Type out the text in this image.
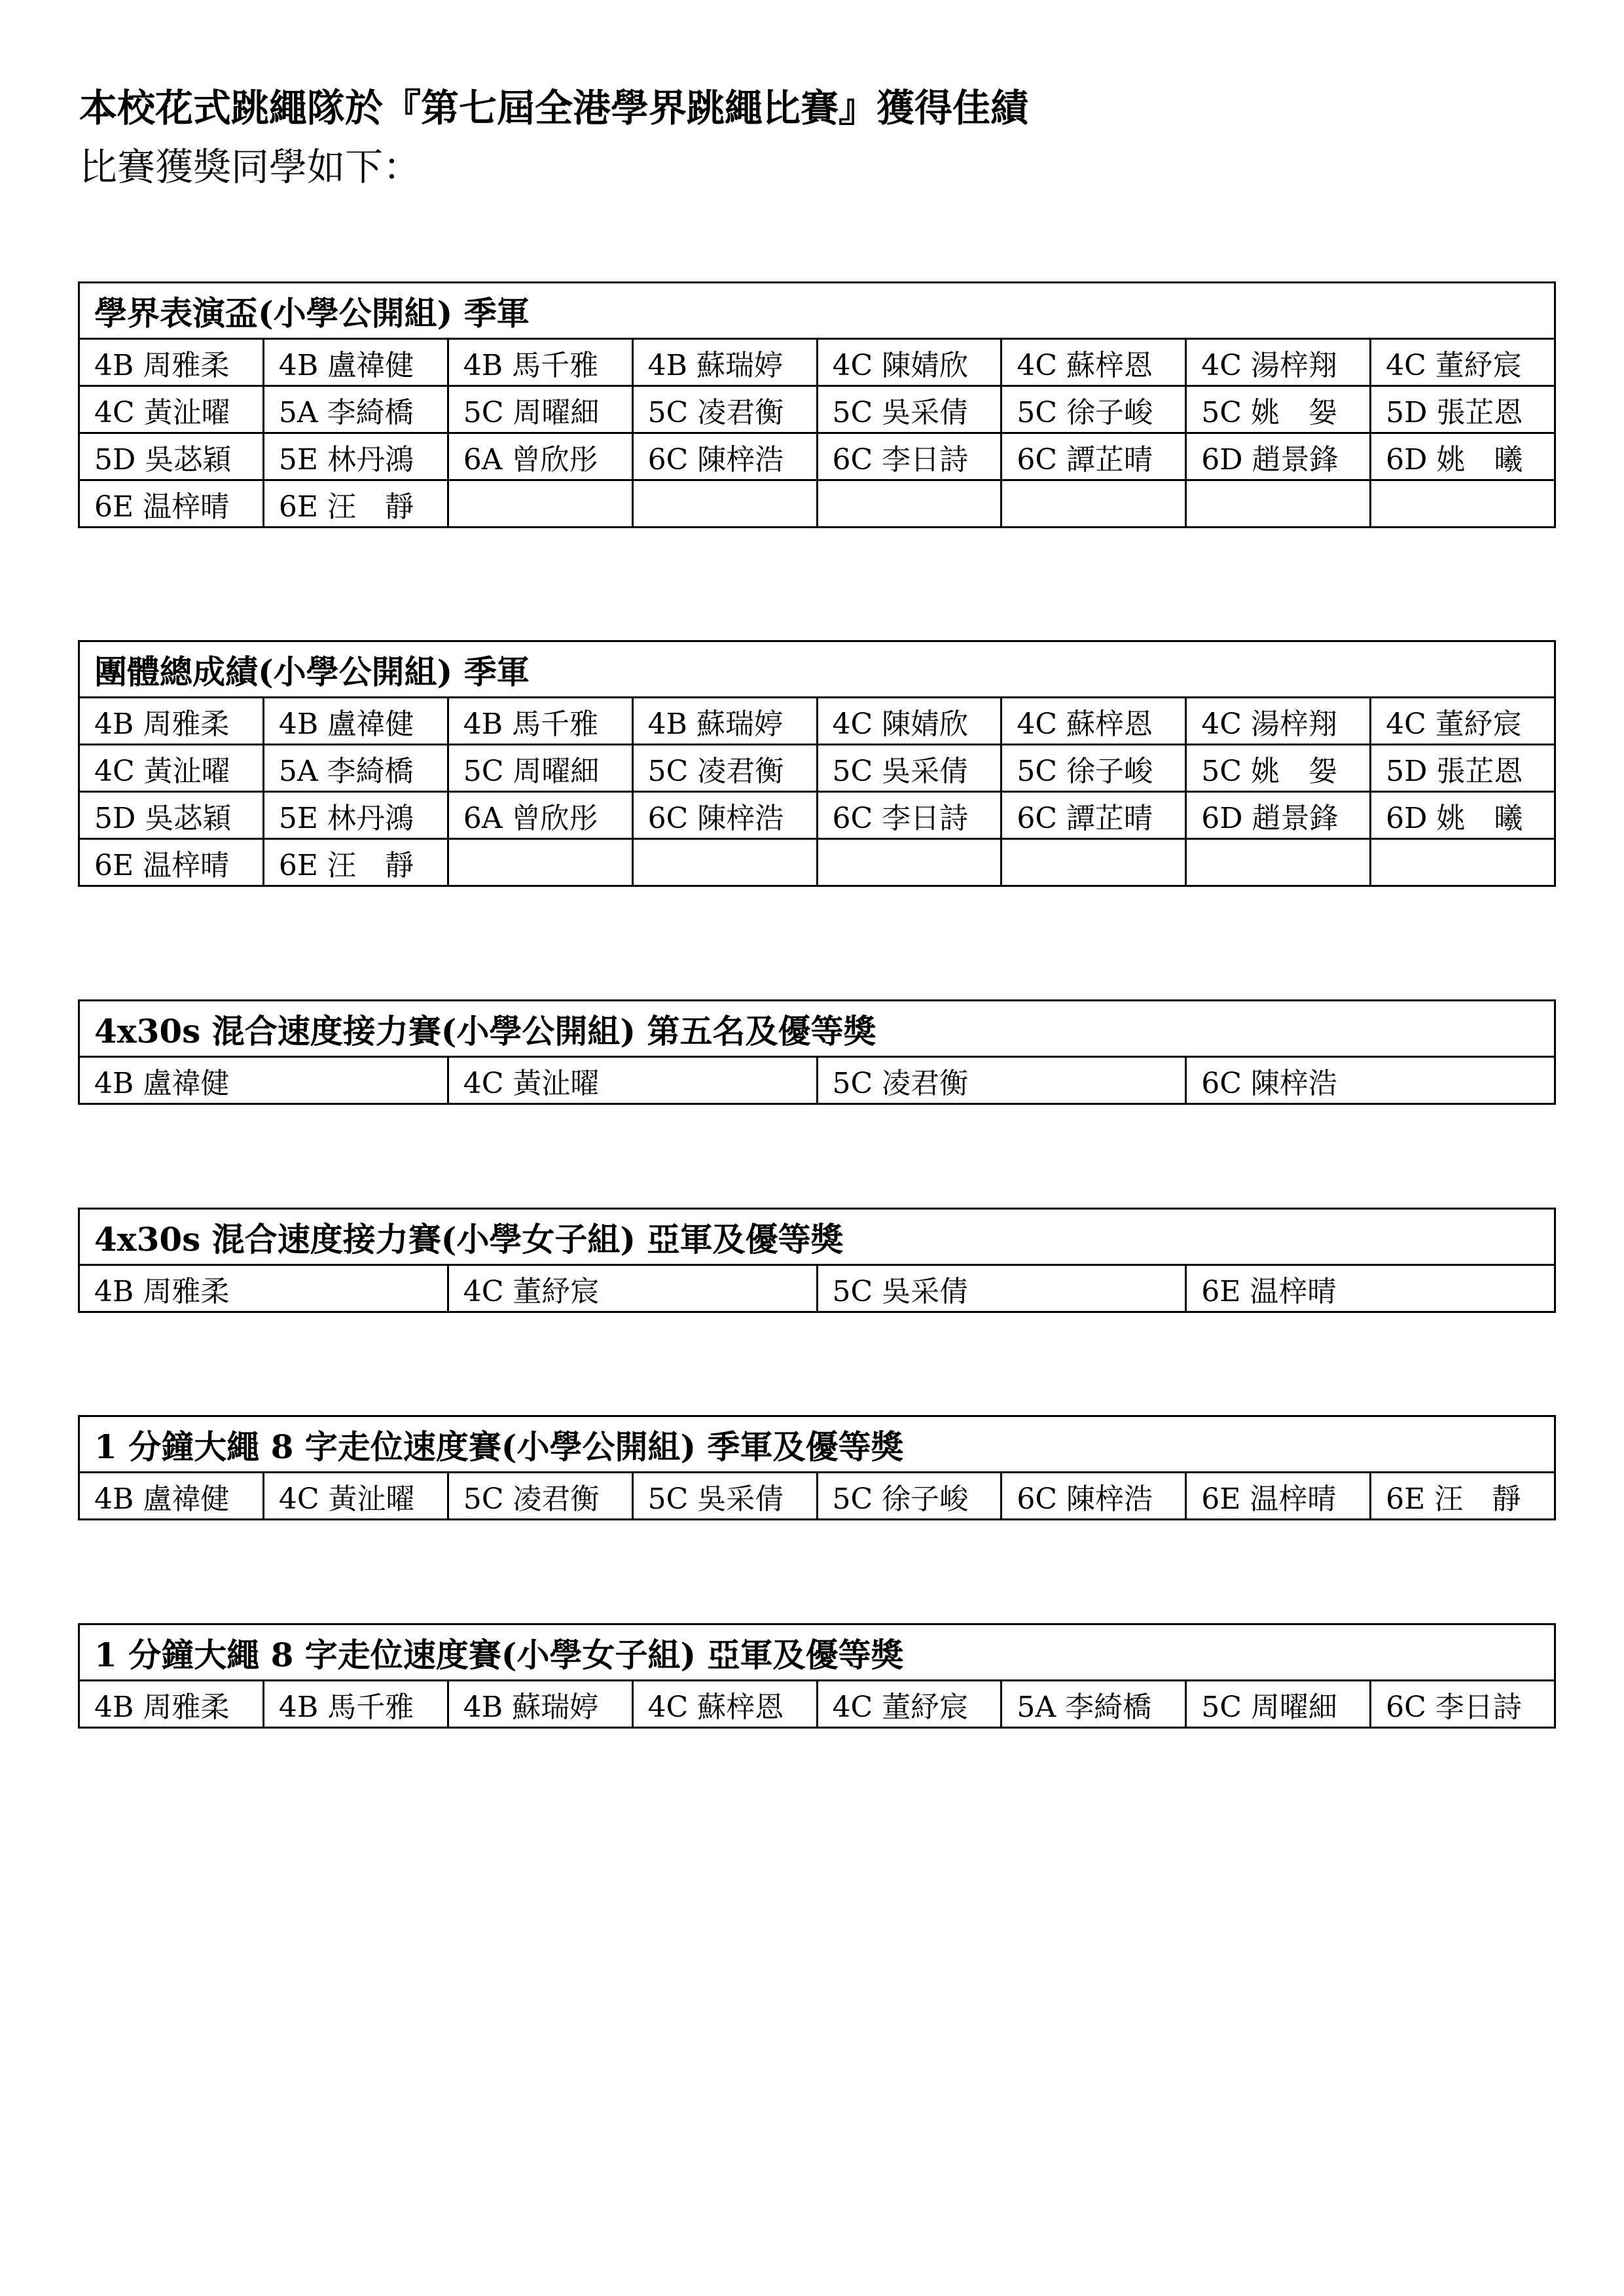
本校花式跳繩隊於『第七屆全港學界跳繩比賽』獲得佳績
比賽獲獎同學如下：
學界表演盃(小學公開組) 季軍							
4B 周雅柔	4B 盧禕健	4B 馬千雅	4B 蘇瑞婷	4C 陳婧欣	4C 蘇梓恩	4C 湯梓翔	4C 董紓宸
4C 黃沚曜	5A 李綺橋	5C 周曜細	5C 凌君衡	5C 吳采倩	5C 徐子峻	5C 姚　妴	5D 張芷恩
5D 吳苾穎	5E 林丹鴻	6A 曾欣彤	6C 陳梓浩	6C 李日詩	6C 譚芷晴	6D 趙景鋒	6D 姚　曦
6E 温梓晴	6E 汪　靜						
團體總成績(小學公開組) 季軍							
4B 周雅柔	4B 盧禕健	4B 馬千雅	4B 蘇瑞婷	4C 陳婧欣	4C 蘇梓恩	4C 湯梓翔	4C 董紓宸
4C 黃沚曜	5A 李綺橋	5C 周曜細	5C 凌君衡	5C 吳采倩	5C 徐子峻	5C 姚　妴	5D 張芷恩
5D 吳苾穎	5E 林丹鴻	6A 曾欣彤	6C 陳梓浩	6C 李日詩	6C 譚芷晴	6D 趙景鋒	6D 姚　曦
6E 温梓晴	6E 汪　靜						
4x30s 混合速度接力賽(小學公開組) 第五名及優等獎
4B 盧禕健	4C 黃沚曜	5C 凌君衡	6C 陳梓浩
4x30s 混合速度接力賽(小學女子組) 亞軍及優等獎
4B 周雅柔	4C 董紓宸	5C 吳采倩	6E 温梓晴
1 分鐘大繩 8 字走位速度賽(小學公開組) 季軍及優等獎
4B 盧禕健	4C 黃沚曜	5C 凌君衡	5C 吳采倩	5C 徐子峻	6C 陳梓浩	6E 温梓晴	6E 汪　靜
1 分鐘大繩 8 字走位速度賽(小學女子組) 亞軍及優等獎
4B 周雅柔	4B 馬千雅	4B 蘇瑞婷	4C 蘇梓恩	4C 董紓宸	5A 李綺橋	5C 周曜細	6C 李日詩
